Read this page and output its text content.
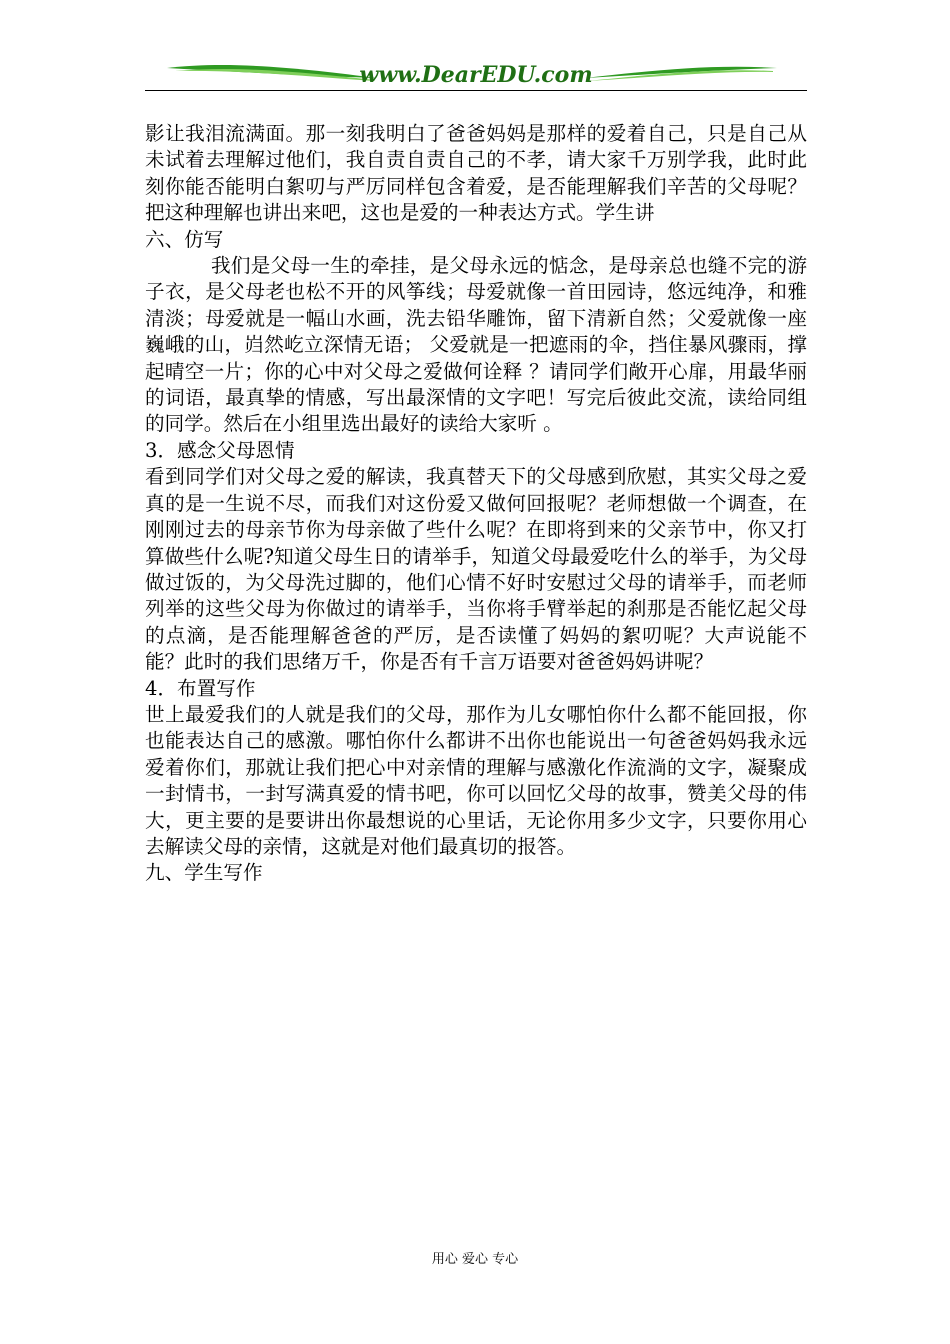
www.DearEDU.com

影让我泪流满面。那一刻我明白了爸爸妈妈是那样的爱着自己，只是自己从未试着去理解过他们，我自责自责自己的不孝，请大家千万别学我，此时此刻你能否能明白絮叨与严厉同样包含着爱，是否能理解我们辛苦的父母呢？把这种理解也讲出来吧，这也是爱的一种表达方式。学生讲

六、仿写

我们是父母一生的牵挂，是父母永远的惦念，是母亲总也缝不完的游子衣，是父母老也松不开的风筝线；母爱就像一首田园诗，悠远纯净，和雅清淡；母爱就是一幅山水画，洗去铅华雕饰，留下清新自然；父爱就像一座巍峨的山，岿然屹立深情无语； 父爱就是一把遮雨的伞，挡住暴风骤雨，撑起晴空一片；你的心中对父母之爱做何诠释 ？请同学们敞开心扉，用最华丽的词语，最真挚的情感，写出最深情的文字吧！写完后彼此交流，读给同组的同学。然后在小组里选出最好的读给大家听 。

3．感念父母恩情

看到同学们对父母之爱的解读，我真替天下的父母感到欣慰，其实父母之爱真的是一生说不尽，而我们对这份爱又做何回报呢？老师想做一个调查，在刚刚过去的母亲节你为母亲做了些什么呢？在即将到来的父亲节中，你又打算做些什么呢?知道父母生日的请举手，知道父母最爱吃什么的举手，为父母做过饭的，为父母洗过脚的，他们心情不好时安慰过父母的请举手，而老师列举的这些父母为你做过的请举手，当你将手臂举起的刹那是否能忆起父母的点滴，是否能理解爸爸的严厉，是否读懂了妈妈的絮叨呢？大声说能不能？此时的我们思绪万千，你是否有千言万语要对爸爸妈妈讲呢？

4．布置写作

世上最爱我们的人就是我们的父母，那作为儿女哪怕你什么都不能回报，你也能表达自己的感激。哪怕你什么都讲不出你也能说出一句爸爸妈妈我永远爱着你们，那就让我们把心中对亲情的理解与感激化作流淌的文字，凝聚成一封情书，一封写满真爱的情书吧，你可以回忆父母的故事，赞美父母的伟大，更主要的是要讲出你最想说的心里话，无论你用多少文字，只要你用心去解读父母的亲情，这就是对他们最真切的报答。

九、学生写作

用心 爱心 专心
